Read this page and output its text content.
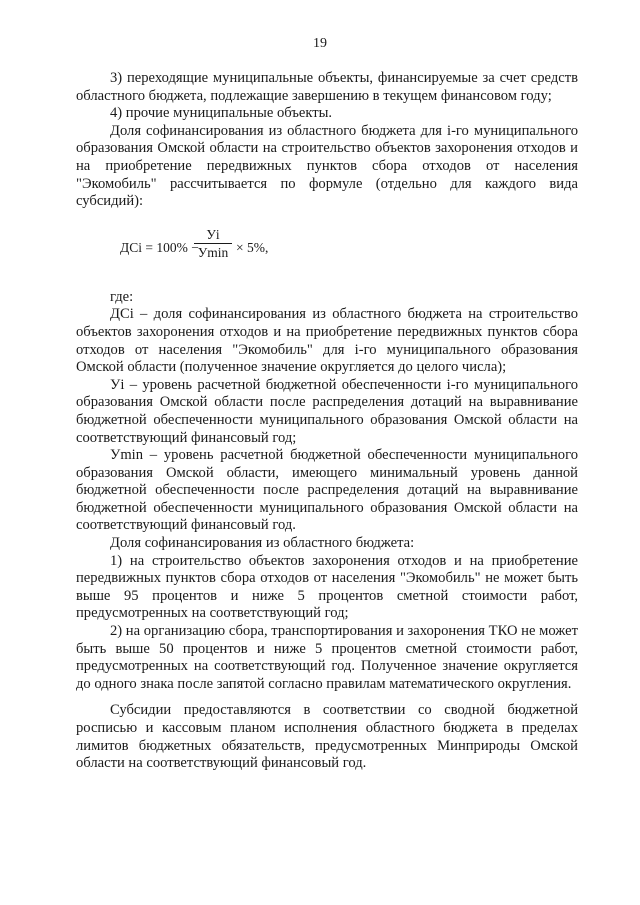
19

3) переходящие муниципальные объекты, финансируемые за счет средств областного бюджета, подлежащие завершению в текущем финансовом году;

4) прочие муниципальные объекты.

Доля софинансирования из областного бюджета для i-го муниципального образования Омской области на строительство объектов захоронения отходов и на приобретение передвижных пунктов сбора отходов от населения "Экомобиль" рассчитывается по формуле (отдельно для каждого вида субсидий):

ДСi = 100% −
Уi
Уmin × 5%,

где:

ДСi – доля софинансирования из областного бюджета на строительство объектов захоронения отходов и на приобретение передвижных пунктов сбора отходов от населения "Экомобиль" для i-го муниципального образования Омской области (полученное значение округляется до целого числа);

Уi – уровень расчетной бюджетной обеспеченности i-го муниципального образования Омской области после распределения дотаций на выравнивание бюджетной обеспеченности муниципального образования Омской области на соответствующий финансовый год;

Уmin – уровень расчетной бюджетной обеспеченности муниципального образования Омской области, имеющего минимальный уровень данной бюджетной обеспеченности после распределения дотаций на выравнивание бюджетной обеспеченности муниципального образования Омской области на соответствующий финансовый год.

Доля софинансирования из областного бюджета:

1) на строительство объектов захоронения отходов и на приобретение передвижных пунктов сбора отходов от населения "Экомобиль" не может быть выше 95 процентов и ниже 5 процентов сметной стоимости работ, предусмотренных на соответствующий год;

2) на организацию сбора, транспортирования и захоронения ТКО не может быть выше 50 процентов и ниже 5 процентов сметной стоимости работ, предусмотренных на соответствующий год. Полученное значение округляется до одного знака после запятой согласно правилам математического округления.

Субсидии предоставляются в соответствии со сводной бюджетной росписью и кассовым планом исполнения областного бюджета в пределах лимитов бюджетных обязательств, предусмотренных Минприроды Омской области на соответствующий финансовый год.
